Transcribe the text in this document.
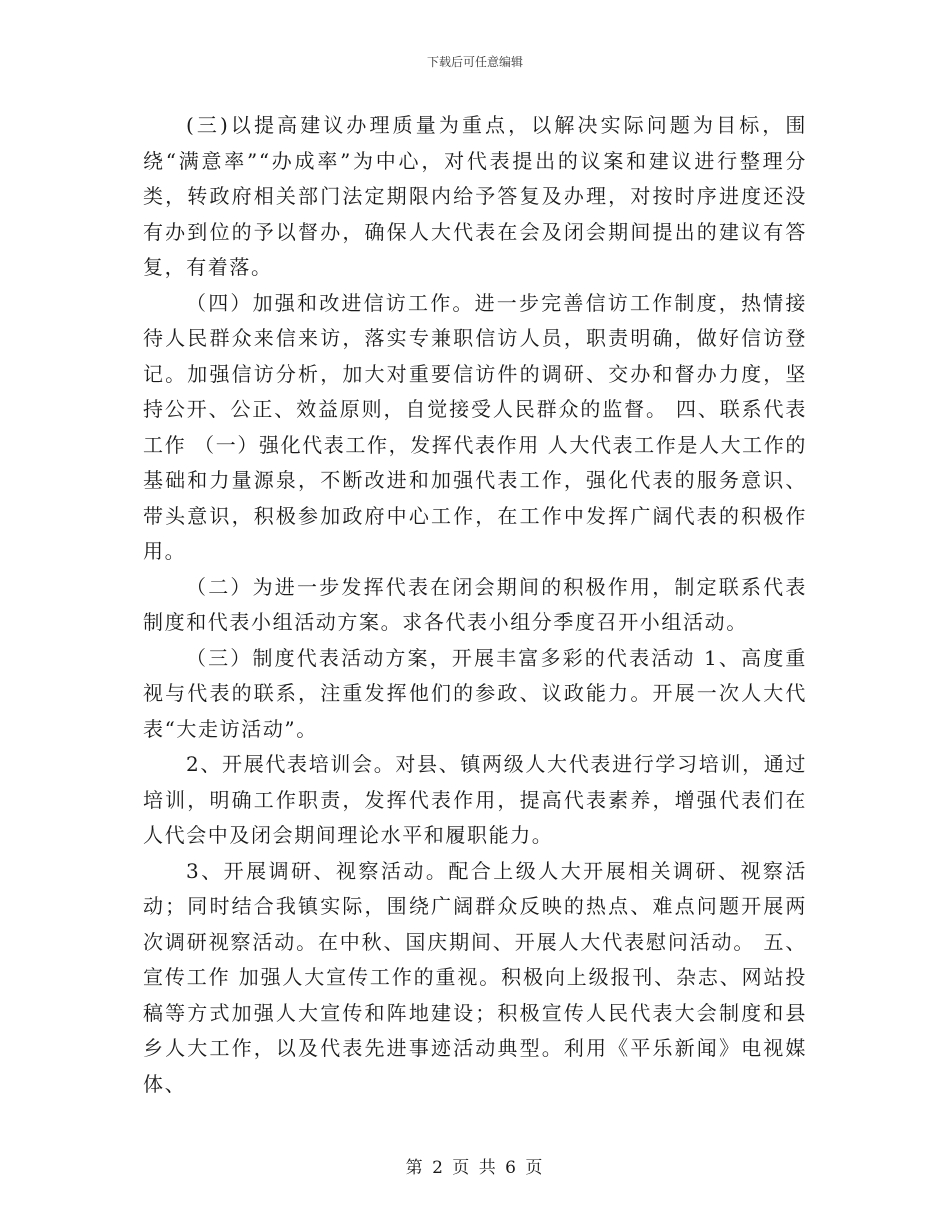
下载后可任意编辑

(三)以提高建议办理质量为重点，以解决实际问题为目标，围绕“满意率”“办成率”为中心，对代表提出的议案和建议进行整理分类，转政府相关部门法定期限内给予答复及办理，对按时序进度还没有办到位的予以督办，确保人大代表在会及闭会期间提出的建议有答复，有着落。

（四）加强和改进信访工作。进一步完善信访工作制度，热情接待人民群众来信来访，落实专兼职信访人员，职责明确，做好信访登记。加强信访分析，加大对重要信访件的调研、交办和督办力度，坚持公开、公正、效益原则，自觉接受人民群众的监督。 四、联系代表工作 （一）强化代表工作，发挥代表作用 人大代表工作是人大工作的基础和力量源泉，不断改进和加强代表工作，强化代表的服务意识、带头意识，积极参加政府中心工作，在工作中发挥广阔代表的积极作用。

（二）为进一步发挥代表在闭会期间的积极作用，制定联系代表制度和代表小组活动方案。求各代表小组分季度召开小组活动。

（三）制度代表活动方案，开展丰富多彩的代表活动 1、高度重视与代表的联系，注重发挥他们的参政、议政能力。开展一次人大代表“大走访活动”。

2、开展代表培训会。对县、镇两级人大代表进行学习培训，通过培训，明确工作职责，发挥代表作用，提高代表素养，增强代表们在人代会中及闭会期间理论水平和履职能力。

3、开展调研、视察活动。配合上级人大开展相关调研、视察活动；同时结合我镇实际，围绕广阔群众反映的热点、难点问题开展两次调研视察活动。在中秋、国庆期间、开展人大代表慰问活动。 五、宣传工作 加强人大宣传工作的重视。积极向上级报刊、杂志、网站投稿等方式加强人大宣传和阵地建设；积极宣传人民代表大会制度和县乡人大工作，以及代表先进事迹活动典型。利用《平乐新闻》电视媒体、

第 2 页 共 6 页
